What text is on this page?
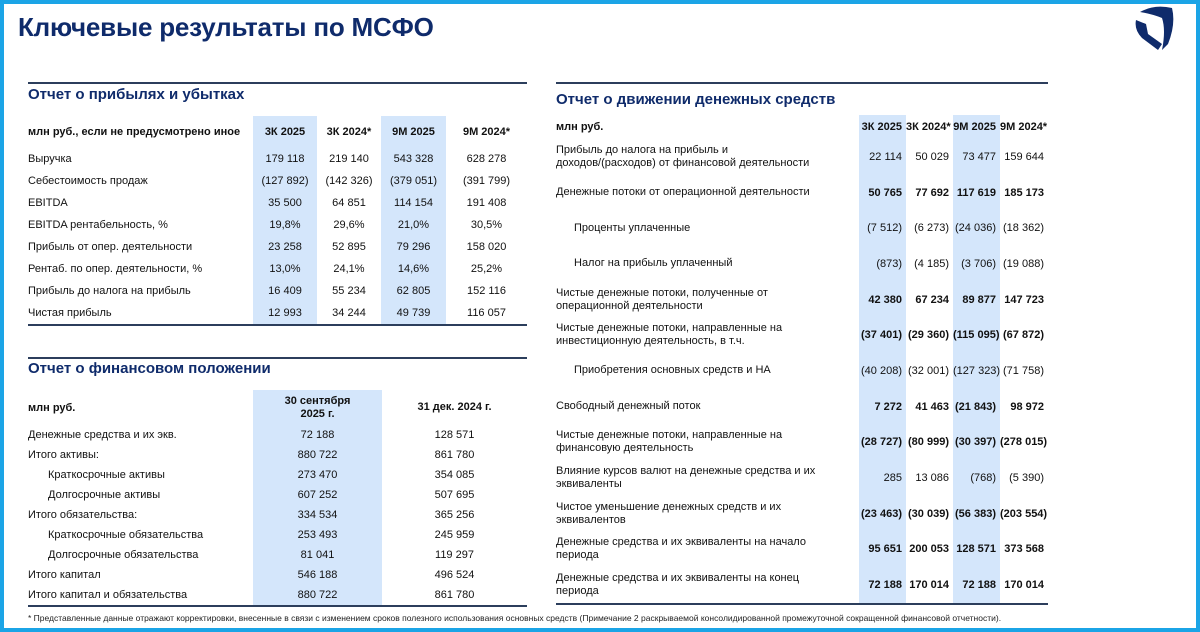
Ключевые результаты по МСФО
Отчет о прибылях и убытках
млн руб., если не предусмотрено иное	3К 2025	3К 2024*	9М 2025	9М 2024*
Выручка	179 118	219 140	543 328	628 278
Себестоимость продаж	(127 892)	(142 326)	(379 051)	(391 799)
EBITDA	35 500	64 851	114 154	191 408
EBITDA рентабельность, %	19,8%	29,6%	21,0%	30,5%
Прибыль от опер. деятельности	23 258	52 895	79 296	158 020
Рентаб. по опер. деятельности, %	13,0%	24,1%	14,6%	25,2%
Прибыль до налога на прибыль	16 409	55 234	62 805	152 116
Чистая прибыль	12 993	34 244	49 739	116 057
Отчет о финансовом положении
млн руб.	30 сентября 2025 г.	31 дек. 2024 г.
Денежные средства и их экв.	72 188	128 571
Итого активы:	880 722	861 780
Краткосрочные активы	273 470	354 085
Долгосрочные активы	607 252	507 695
Итого обязательства:	334 534	365 256
Краткосрочные обязательства	253 493	245 959
Долгосрочные обязательства	81 041	119 297
Итого капитал	546 188	496 524
Итого капитал и обязательства	880 722	861 780
Отчет о движении денежных средств
млн руб.	3К 2025	3К 2024*	9М 2025	9М 2024*
Прибыль до налога на прибыль и доходов/(расходов) от финансовой деятельности	22 114	50 029	73 477	159 644
Денежные потоки от операционной деятельности	50 765	77 692	117 619	185 173
Проценты уплаченные	(7 512)	(6 273)	(24 036)	(18 362)
Налог на прибыль уплаченный	(873)	(4 185)	(3 706)	(19 088)
Чистые денежные потоки, полученные от операционной деятельности	42 380	67 234	89 877	147 723
Чистые денежные потоки, направленные на инвестиционную деятельность, в т.ч.	(37 401)	(29 360)	(115 095)	(67 872)
Приобретения основных средств и НА	(40 208)	(32 001)	(127 323)	(71 758)
Свободный денежный поток	7 272	41 463	(21 843)	98 972
Чистые денежные потоки, направленные на финансовую деятельность	(28 727)	(80 999)	(30 397)	(278 015)
Влияние курсов валют на денежные средства и их эквиваленты	285	13 086	(768)	(5 390)
Чистое уменьшение денежных средств и их эквивалентов	(23 463)	(30 039)	(56 383)	(203 554)
Денежные средства и их эквиваленты на начало периода	95 651	200 053	128 571	373 568
Денежные средства и их эквиваленты на конец периода	72 188	170 014	72 188	170 014
* Представленные данные отражают корректировки, внесенные в связи с изменением сроков полезного использования основных средств (Примечание 2 раскрываемой консолидированной промежуточной сокращенной финансовой отчетности).
